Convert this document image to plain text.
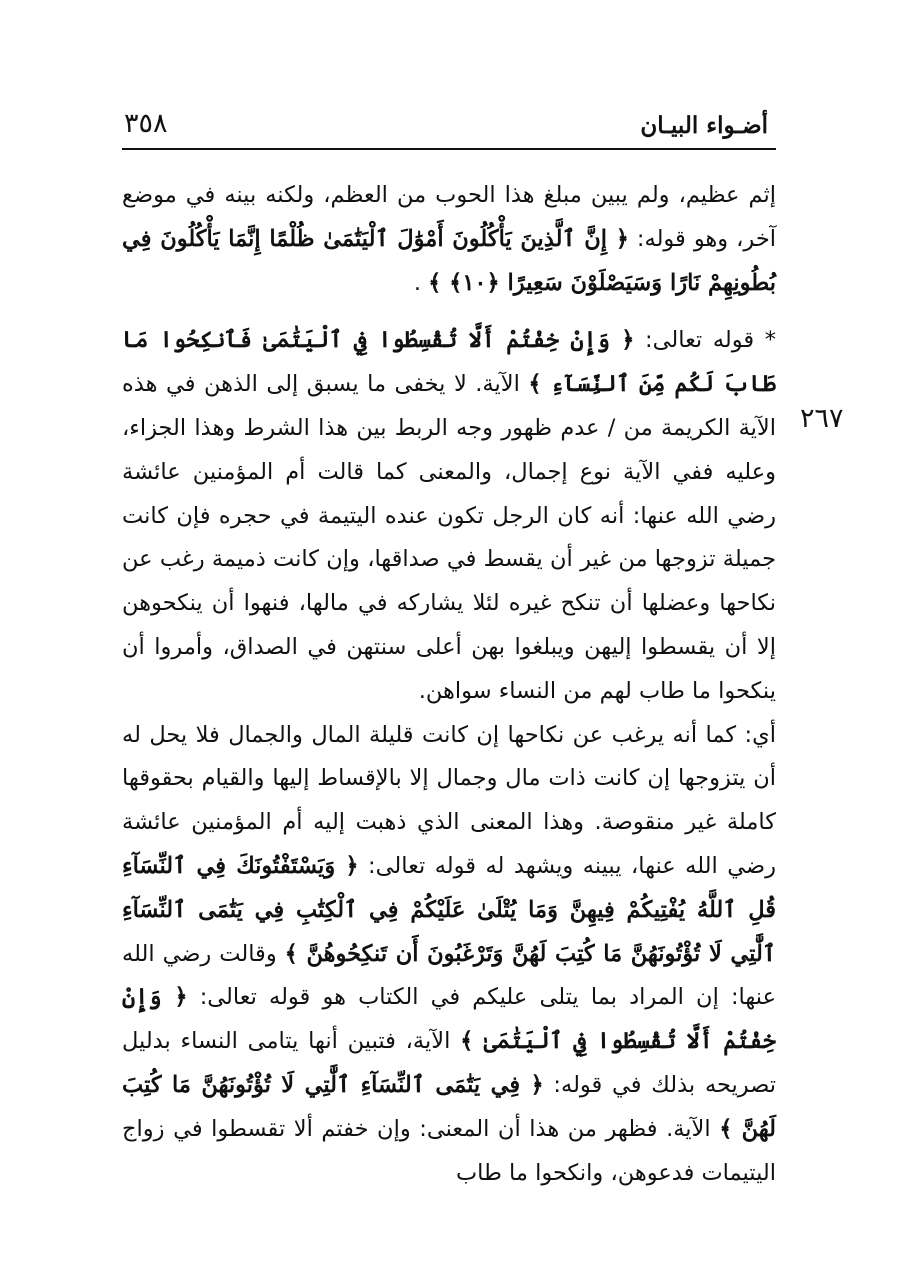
أضـواء البيـان
٣٥٨
٢٦٧

إثم عظيم، ولم يبين مبلغ هذا الحوب من العظم، ولكنه بينه في موضع آخر، وهو قوله: ﴿ إِنَّ ٱلَّذِينَ يَأْكُلُونَ أَمْوَٰلَ ٱلْيَتَٰمَىٰ ظُلْمًا إِنَّمَا يَأْكُلُونَ فِي بُطُونِهِمْ نَارًا وَسَيَصْلَوْنَ سَعِيرًا ﴿١٠﴾ ﴾ .

* قوله تعالى: ﴿ وَإِنْ خِفْتُمْ أَلَّا تُقْسِطُوا فِي ٱلْيَتَٰمَىٰ فَٱنكِحُوا مَا طَابَ لَكُم مِّنَ ٱلنِّسَآءِ ﴾ الآية. لا يخفى ما يسبق إلى الذهن في هذه الآية الكريمة من / عدم ظهور وجه الربط بين هذا الشرط وهذا الجزاء، وعليه ففي الآية نوع إجمال، والمعنى كما قالت أم المؤمنين عائشة رضي الله عنها: أنه كان الرجل تكون عنده اليتيمة في حجره فإن كانت جميلة تزوجها من غير أن يقسط في صداقها، وإن كانت ذميمة رغب عن نكاحها وعضلها أن تنكح غيره لئلا يشاركه في مالها، فنهوا أن ينكحوهن إلا أن يقسطوا إليهن ويبلغوا بهن أعلى سنتهن في الصداق، وأمروا أن ينكحوا ما طاب لهم من النساء سواهن.

أي: كما أنه يرغب عن نكاحها إن كانت قليلة المال والجمال فلا يحل له أن يتزوجها إن كانت ذات مال وجمال إلا بالإقساط إليها والقيام بحقوقها كاملة غير منقوصة. وهذا المعنى الذي ذهبت إليه أم المؤمنين عائشة رضي الله عنها، يبينه ويشهد له قوله تعالى: ﴿ وَيَسْتَفْتُونَكَ فِي ٱلنِّسَآءِ قُلِ ٱللَّهُ يُفْتِيكُمْ فِيهِنَّ وَمَا يُتْلَىٰ عَلَيْكُمْ فِي ٱلْكِتَٰبِ فِي يَتَٰمَى ٱلنِّسَآءِ ٱلَّٰتِي لَا تُؤْتُونَهُنَّ مَا كُتِبَ لَهُنَّ وَتَرْغَبُونَ أَن تَنكِحُوهُنَّ ﴾ وقالت رضي الله عنها: إن المراد بما يتلى عليكم في الكتاب هو قوله تعالى: ﴿ وَإِنْ خِفْتُمْ أَلَّا تُقْسِطُوا فِي ٱلْيَتَٰمَىٰ ﴾ الآية، فتبين أنها يتامى النساء بدليل تصريحه بذلك في قوله: ﴿ فِي يَتَٰمَى ٱلنِّسَآءِ ٱلَّٰتِي لَا تُؤْتُونَهُنَّ مَا كُتِبَ لَهُنَّ ﴾ الآية. فظهر من هذا أن المعنى: وإن خفتم ألا تقسطوا في زواج اليتيمات فدعوهن، وانكحوا ما طاب
